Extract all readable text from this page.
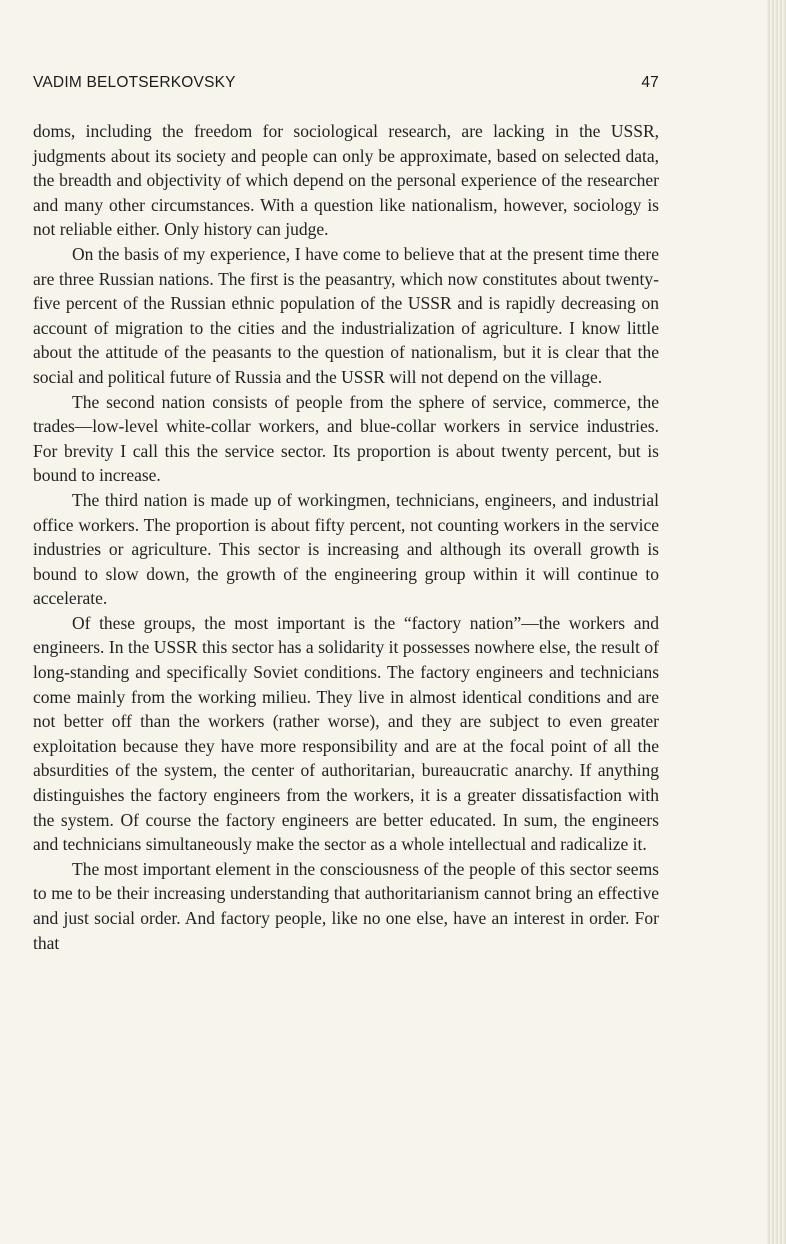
VADIM BELOTSERKOVSKY	47

doms, including the freedom for sociological research, are lacking in the USSR, judgments about its society and people can only be approximate, based on selected data, the breadth and objectivity of which depend on the personal experience of the researcher and many other circumstances. With a question like nationalism, however, sociology is not reliable either. Only history can judge.

On the basis of my experience, I have come to believe that at the present time there are three Russian nations. The first is the peasantry, which now constitutes about twenty-five percent of the Russian ethnic population of the USSR and is rapidly decreasing on account of migration to the cities and the industrialization of agriculture. I know little about the attitude of the peasants to the question of nationalism, but it is clear that the social and political future of Russia and the USSR will not depend on the village.

The second nation consists of people from the sphere of service, commerce, the trades—low-level white-collar workers, and blue-collar workers in service industries. For brevity I call this the service sector. Its proportion is about twenty percent, but is bound to increase.

The third nation is made up of workingmen, technicians, engineers, and industrial office workers. The proportion is about fifty percent, not counting workers in the service industries or agriculture. This sector is increasing and although its overall growth is bound to slow down, the growth of the engineering group within it will continue to accelerate.

Of these groups, the most important is the “factory nation”—the workers and engineers. In the USSR this sector has a solidarity it possesses nowhere else, the result of long-standing and specifically Soviet conditions. The factory engineers and technicians come mainly from the working milieu. They live in almost identical conditions and are not better off than the workers (rather worse), and they are subject to even greater exploitation because they have more responsibility and are at the focal point of all the absurdities of the system, the center of authoritarian, bureaucratic anarchy. If anything distinguishes the factory engineers from the workers, it is a greater dissatisfaction with the system. Of course the factory engineers are better educated. In sum, the engineers and technicians simultaneously make the sector as a whole intellectual and radicalize it.

The most important element in the consciousness of the people of this sector seems to me to be their increasing understanding that authoritarianism cannot bring an effective and just social order. And factory people, like no one else, have an interest in order. For that
